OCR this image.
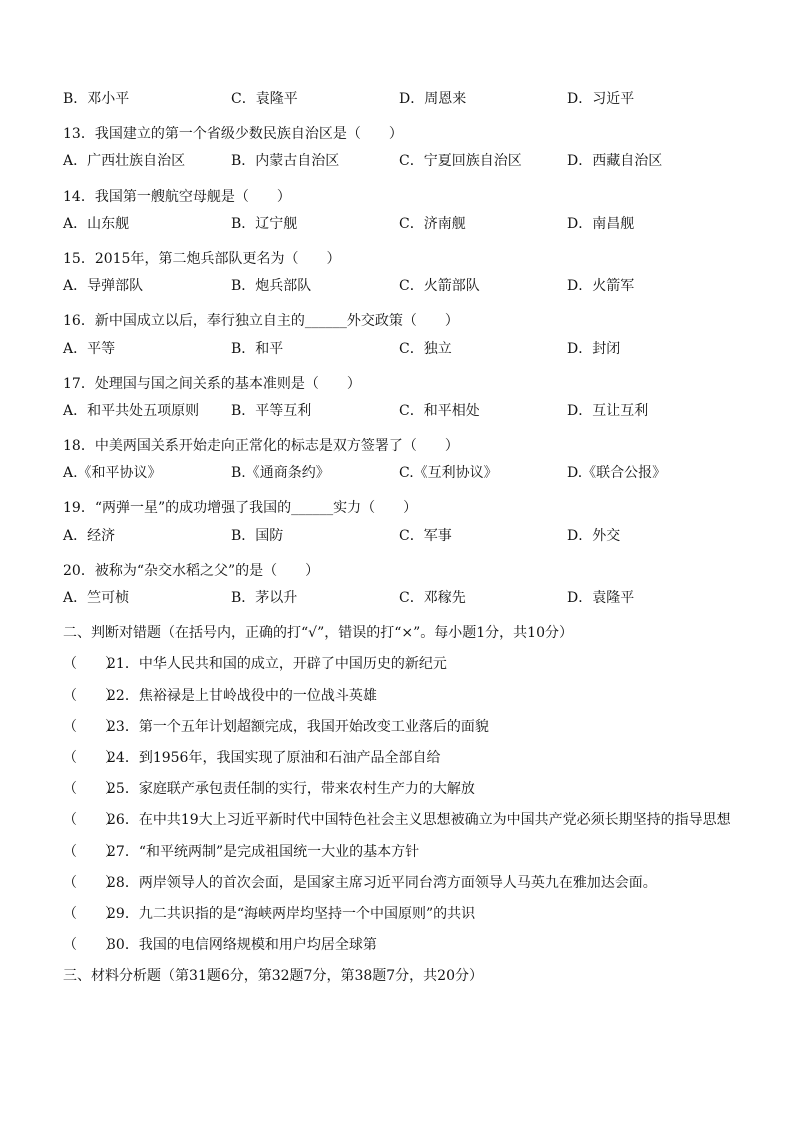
B．邓小平	C．袁隆平	D．周恩来	D．习近平
13．我国建立的第一个省级少数民族自治区是（　　）
A．广西壮族自治区	B．内蒙古自治区	C．宁夏回族自治区	D．西藏自治区
14．我国第一艘航空母舰是（　　）
A．山东舰	B．辽宁舰	C．济南舰	D．南昌舰
15．2015年，第二炮兵部队更名为（　　）
A．导弹部队	B．炮兵部队	C．火箭部队	D．火箭军
16．新中国成立以后，奉行独立自主的______外交政策（　　）
A．平等	B．和平	C．独立	D．封闭
17．处理国与国之间关系的基本准则是（　　）
A．和平共处五项原则 B．平等互利	C．和平相处	D．互让互利
18．中美两国关系开始走向正常化的标志是双方签署了（　　）
A.《和平协议》	B.《通商条约》	C.《互利协议》	D.《联合公报》
19．“两弹一星”的成功增强了我国的______实力（　　）
A．经济	B．国防	C．军事	D．外交
20．被称为“杂交水稻之父”的是（　　）
A．竺可桢	B．茅以升	C．邓稼先	D．袁隆平
二、判断对错题（在括号内，正确的打“√”，错误的打“×”。每小题1分，共10分）
（　　）21．中华人民共和国的成立，开辟了中国历史的新纪元
（　　）22．焦裕禄是上甘岭战役中的一位战斗英雄
（　　）23．第一个五年计划超额完成，我国开始改变工业落后的面貌
（　　）24．到1956年，我国实现了原油和石油产品全部自给
（　　）25．家庭联产承包责任制的实行，带来农村生产力的大解放
（　　）26．在中共19大上习近平新时代中国特色社会主义思想被确立为中国共产党必须长期坚持的指导思想
（　　）27．“和平统两制”是完成祖国统一大业的基本方针
（　　）28．两岸领导人的首次会面，是国家主席习近平同台湾方面领导人马英九在雅加达会面。
（　　）29．九二共识指的是“海峡两岸均坚持一个中国原则”的共识
（　　）30．我国的电信网络规模和用户均居全球第
三、材料分析题（第31题6分，第32题7分，第38题7分，共20分）
